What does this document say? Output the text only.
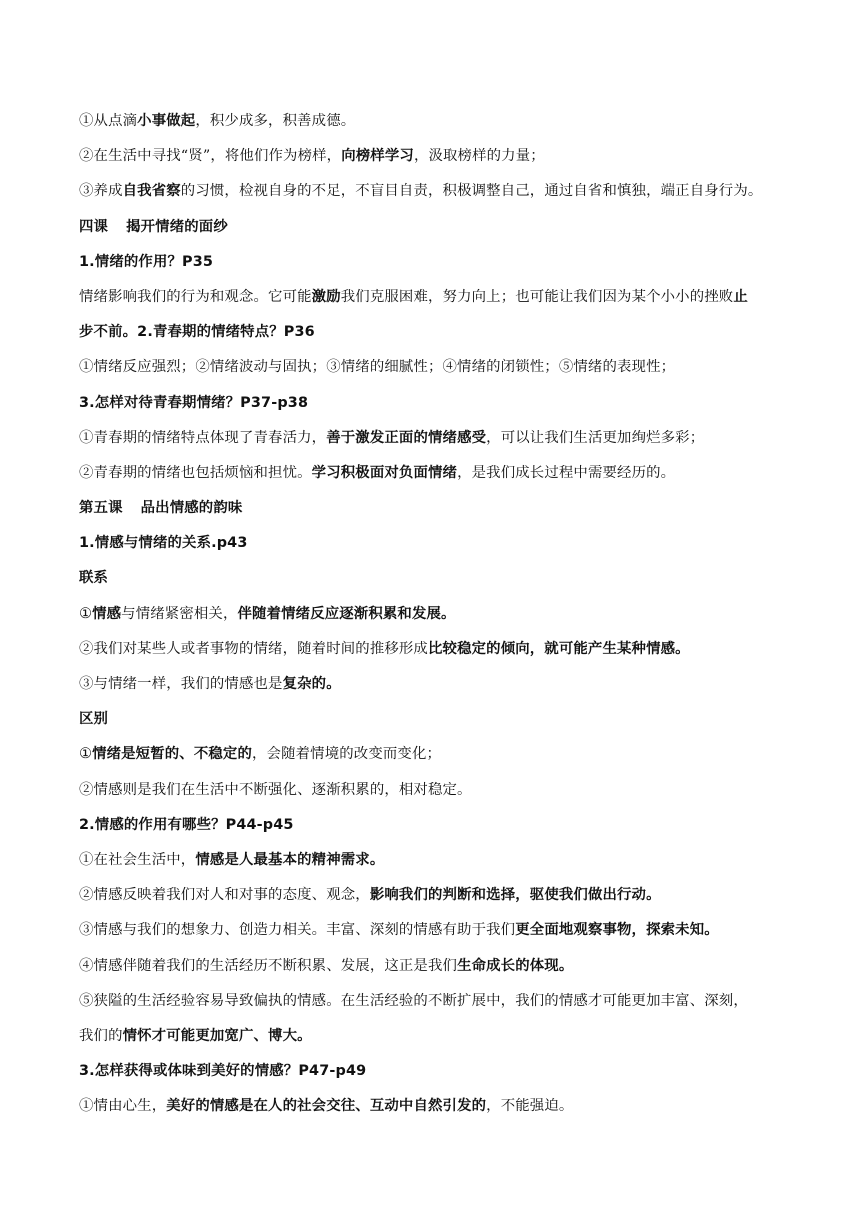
①从点滴小事做起，积少成多，积善成德。
②在生活中寻找“贤”，将他们作为榜样，向榜样学习，汲取榜样的力量；
③养成自我省察的习惯，检视自身的不足，不盲目自责，积极调整自己，通过自省和慎独，端正自身行为。
四课 揭开情绪的面纱
1.情绪的作用？P35
情绪影响我们的行为和观念。它可能激励我们克服困难，努力向上；也可能让我们因为某个小小的挫败止
步不前。2.青春期的情绪特点？P36
①情绪反应强烈；②情绪波动与固执；③情绪的细腻性；④情绪的闭锁性；⑤情绪的表现性；
3.怎样对待青春期情绪？P37-p38
①青春期的情绪特点体现了青春活力，善于激发正面的情绪感受，可以让我们生活更加绚烂多彩；
②青春期的情绪也包括烦恼和担忧。学习积极面对负面情绪，是我们成长过程中需要经历的。
第五课 品出情感的韵味
1.情感与情绪的关系.p43
联系
①情感与情绪紧密相关，伴随着情绪反应逐渐积累和发展。
②我们对某些人或者事物的情绪，随着时间的推移形成比较稳定的倾向，就可能产生某种情感。
③与情绪一样，我们的情感也是复杂的。
区别
①情绪是短暂的、不稳定的，会随着情境的改变而变化；
②情感则是我们在生活中不断强化、逐渐积累的，相对稳定。
2.情感的作用有哪些？P44-p45
①在社会生活中，情感是人最基本的精神需求。
②情感反映着我们对人和对事的态度、观念，影响我们的判断和选择，驱使我们做出行动。
③情感与我们的想象力、创造力相关。丰富、深刻的情感有助于我们更全面地观察事物，探索未知。
④情感伴随着我们的生活经历不断积累、发展，这正是我们生命成长的体现。
⑤狭隘的生活经验容易导致偏执的情感。在生活经验的不断扩展中，我们的情感才可能更加丰富、深刻，
我们的情怀才可能更加宽广、博大。
3.怎样获得或体味到美好的情感？P47-p49
①情由心生，美好的情感是在人的社会交往、互动中自然引发的，不能强迫。
